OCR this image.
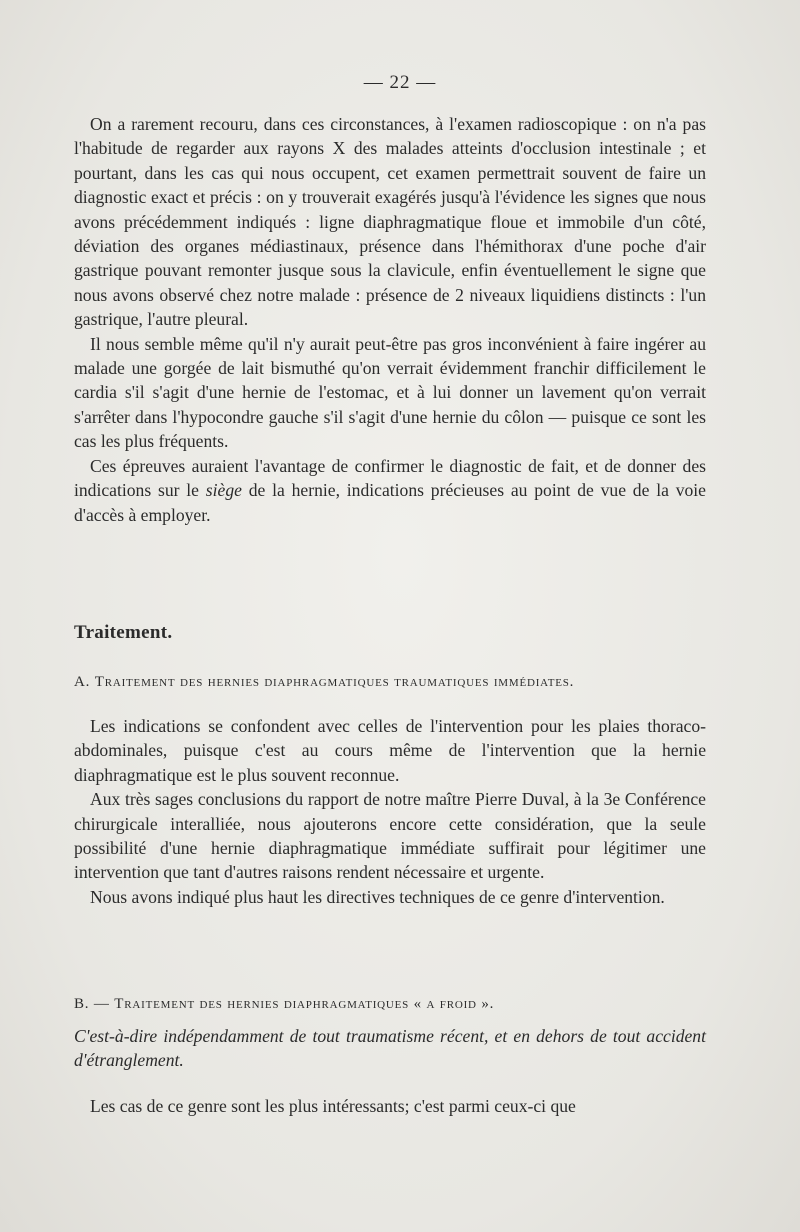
— 22 —

On a rarement recouru, dans ces circonstances, à l'examen radioscopique : on n'a pas l'habitude de regarder aux rayons X des malades atteints d'occlusion intestinale ; et pourtant, dans les cas qui nous occupent, cet examen permettrait souvent de faire un diagnostic exact et précis : on y trouverait exagérés jusqu'à l'évidence les signes que nous avons précédemment indiqués : ligne diaphragmatique floue et immobile d'un côté, déviation des organes médiastinaux, présence dans l'hémithorax d'une poche d'air gastrique pouvant remonter jusque sous la clavicule, enfin éventuellement le signe que nous avons observé chez notre malade : présence de 2 niveaux liquidiens distincts : l'un gastrique, l'autre pleural.

Il nous semble même qu'il n'y aurait peut-être pas gros inconvénient à faire ingérer au malade une gorgée de lait bismuthé qu'on verrait évidemment franchir difficilement le cardia s'il s'agit d'une hernie de l'estomac, et à lui donner un lavement qu'on verrait s'arrêter dans l'hypocondre gauche s'il s'agit d'une hernie du côlon — puisque ce sont les cas les plus fréquents.

Ces épreuves auraient l'avantage de confirmer le diagnostic de fait, et de donner des indications sur le siège de la hernie, indications précieuses au point de vue de la voie d'accès à employer.

Traitement.
A. Traitement des hernies diaphragmatiques traumatiques immédiates.

Les indications se confondent avec celles de l'intervention pour les plaies thoraco-abdominales, puisque c'est au cours même de l'intervention que la hernie diaphragmatique est le plus souvent reconnue.

Aux très sages conclusions du rapport de notre maître Pierre Duval, à la 3e Conférence chirurgicale interalliée, nous ajouterons encore cette considération, que la seule possibilité d'une hernie diaphragmatique immédiate suffirait pour légitimer une intervention que tant d'autres raisons rendent nécessaire et urgente.

Nous avons indiqué plus haut les directives techniques de ce genre d'intervention.

B. — Traitement des hernies diaphragmatiques « a froid ».
C'est-à-dire indépendamment de tout traumatisme récent, et en dehors de tout accident d'étranglement.

Les cas de ce genre sont les plus intéressants; c'est parmi ceux-ci que
